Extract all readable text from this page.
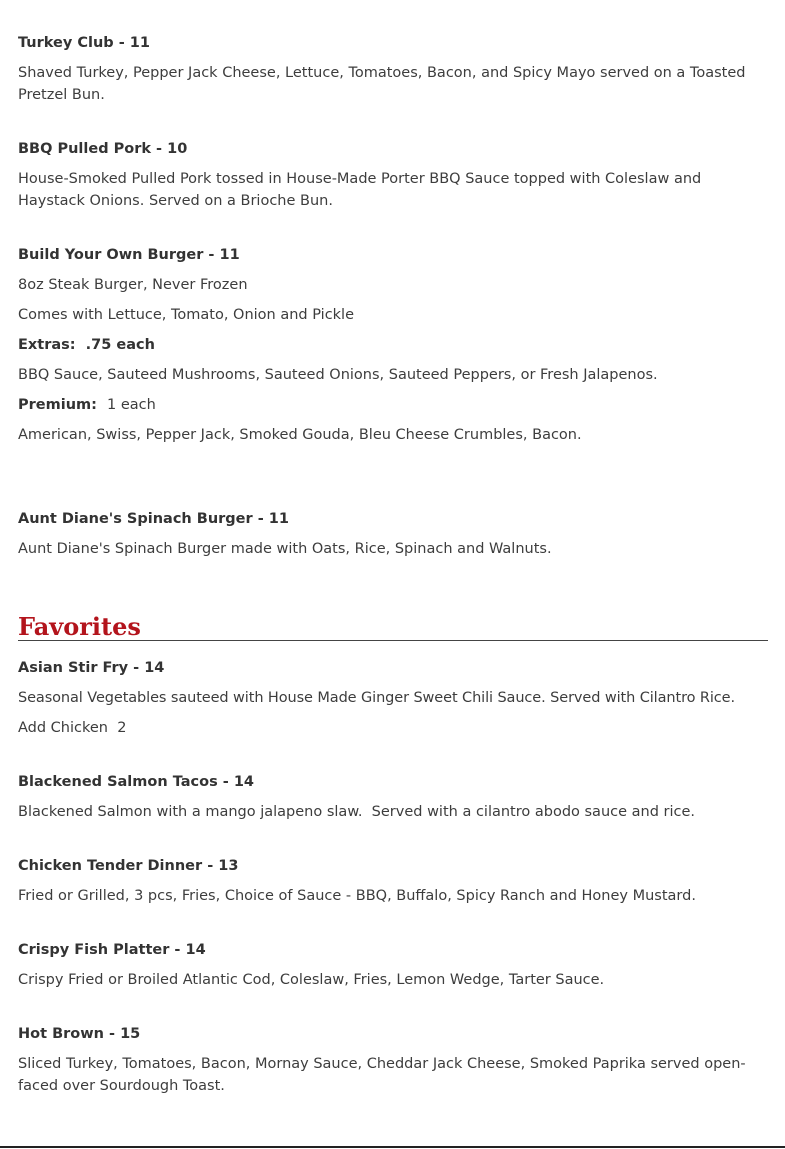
Turkey Club - 11

Shaved Turkey, Pepper Jack Cheese, Lettuce, Tomatoes, Bacon, and Spicy Mayo served on a Toasted Pretzel Bun.

BBQ Pulled Pork - 10

House-Smoked Pulled Pork tossed in House-Made Porter BBQ Sauce topped with Coleslaw and Haystack Onions. Served on a Brioche Bun.

Build Your Own Burger - 11

8oz Steak Burger, Never Frozen

Comes with Lettuce, Tomato, Onion and Pickle

Extras: .75 each

BBQ Sauce, Sauteed Mushrooms, Sauteed Onions, Sauteed Peppers, or Fresh Jalapenos.

Premium: 1 each

American, Swiss, Pepper Jack, Smoked Gouda, Bleu Cheese Crumbles, Bacon.

Aunt Diane's Spinach Burger - 11

Aunt Diane's Spinach Burger made with Oats, Rice, Spinach and Walnuts.

Favorites

Asian Stir Fry - 14

Seasonal Vegetables sauteed with House Made Ginger Sweet Chili Sauce. Served with Cilantro Rice.

Add Chicken  2

Blackened Salmon Tacos - 14

Blackened Salmon with a mango jalapeno slaw.  Served with a cilantro abodo sauce and rice.

Chicken Tender Dinner - 13

Fried or Grilled, 3 pcs, Fries, Choice of Sauce - BBQ, Buffalo, Spicy Ranch and Honey Mustard.

Crispy Fish Platter - 14

Crispy Fried or Broiled Atlantic Cod, Coleslaw, Fries, Lemon Wedge, Tarter Sauce.

Hot Brown - 15

Sliced Turkey, Tomatoes, Bacon, Mornay Sauce, Cheddar Jack Cheese, Smoked Paprika served open-faced over Sourdough Toast.
